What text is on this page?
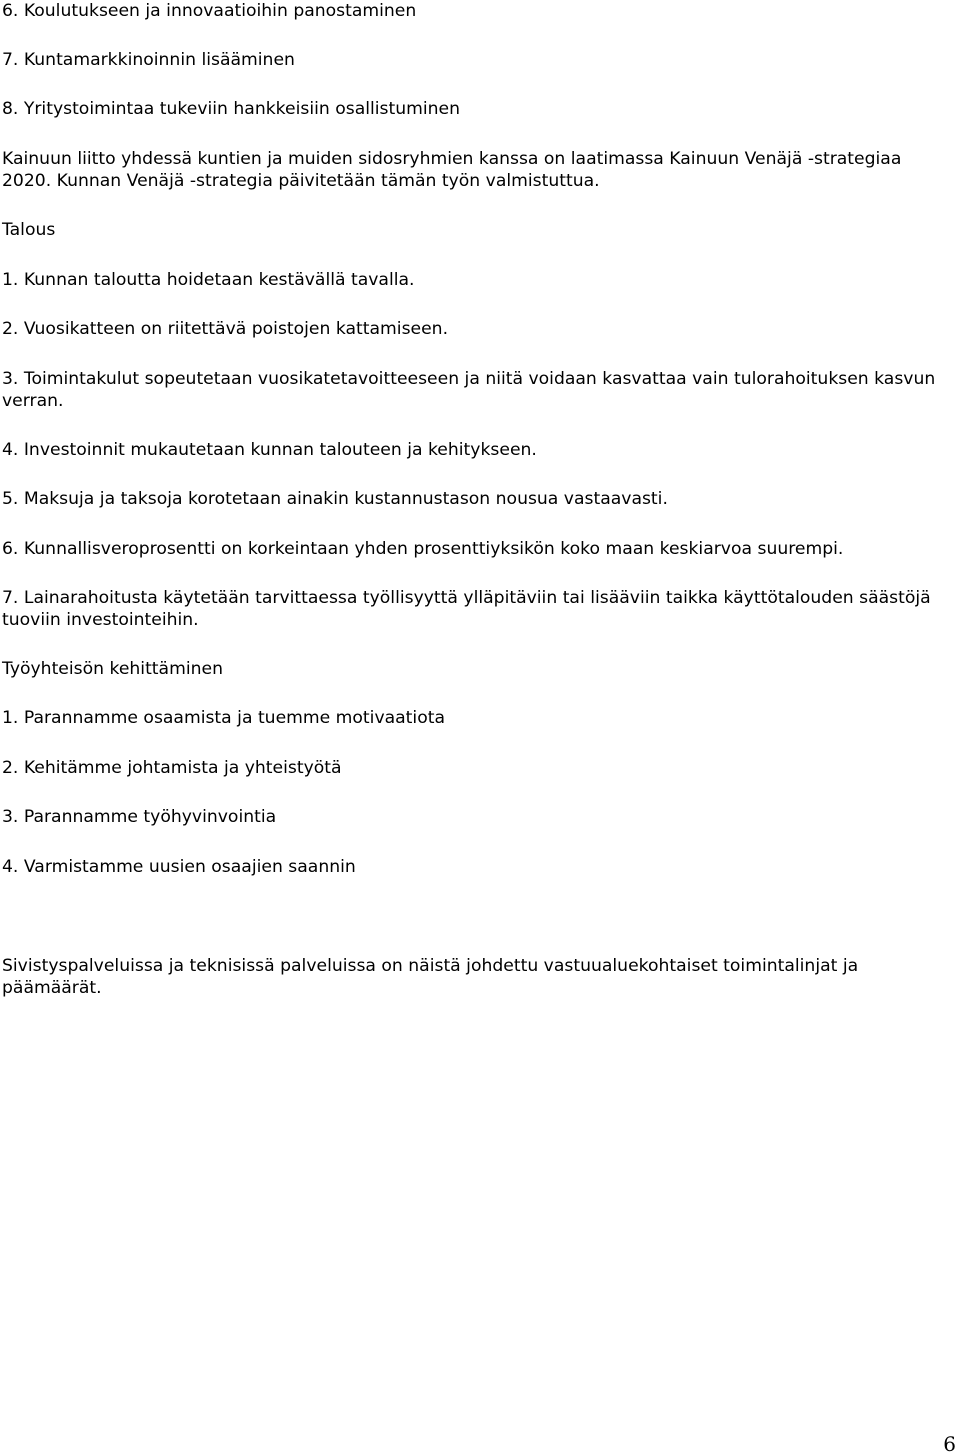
6. Koulutukseen ja innovaatioihin panostaminen

7. Kuntamarkkinoinnin lisääminen

8. Yritystoimintaa tukeviin hankkeisiin osallistuminen

Kainuun liitto yhdessä kuntien ja muiden sidosryhmien kanssa on laatimassa Kainuun Venäjä -strategiaa 2020. Kunnan Venäjä -strategia päivitetään tämän työn valmistuttua.

Talous

1. Kunnan taloutta hoidetaan kestävällä tavalla.

2. Vuosikatteen on riitettävä poistojen kattamiseen.

3. Toimintakulut sopeutetaan vuosikatetavoitteeseen ja niitä voidaan kasvattaa vain tulorahoituksen kasvun verran.

4. Investoinnit mukautetaan kunnan talouteen ja kehitykseen.

5. Maksuja ja taksoja korotetaan ainakin kustannustason nousua vastaavasti.

6. Kunnallisveroprosentti on korkeintaan yhden prosenttiyksikön koko maan keskiarvoa suurempi.

7. Lainarahoitusta käytetään tarvittaessa työllisyyttä ylläpitäviin tai lisääviin taikka käyttötalouden säästöjä tuoviin investointeihin.

Työyhteisön kehittäminen

1. Parannamme osaamista ja tuemme motivaatiota

2. Kehitämme johtamista ja yhteistyötä

3. Parannamme työhyvinvointia

4. Varmistamme uusien osaajien saannin

Sivistyspalveluissa ja teknisissä palveluissa on näistä johdettu vastuualuekohtaiset toimintalinjat ja päämäärät.

6
